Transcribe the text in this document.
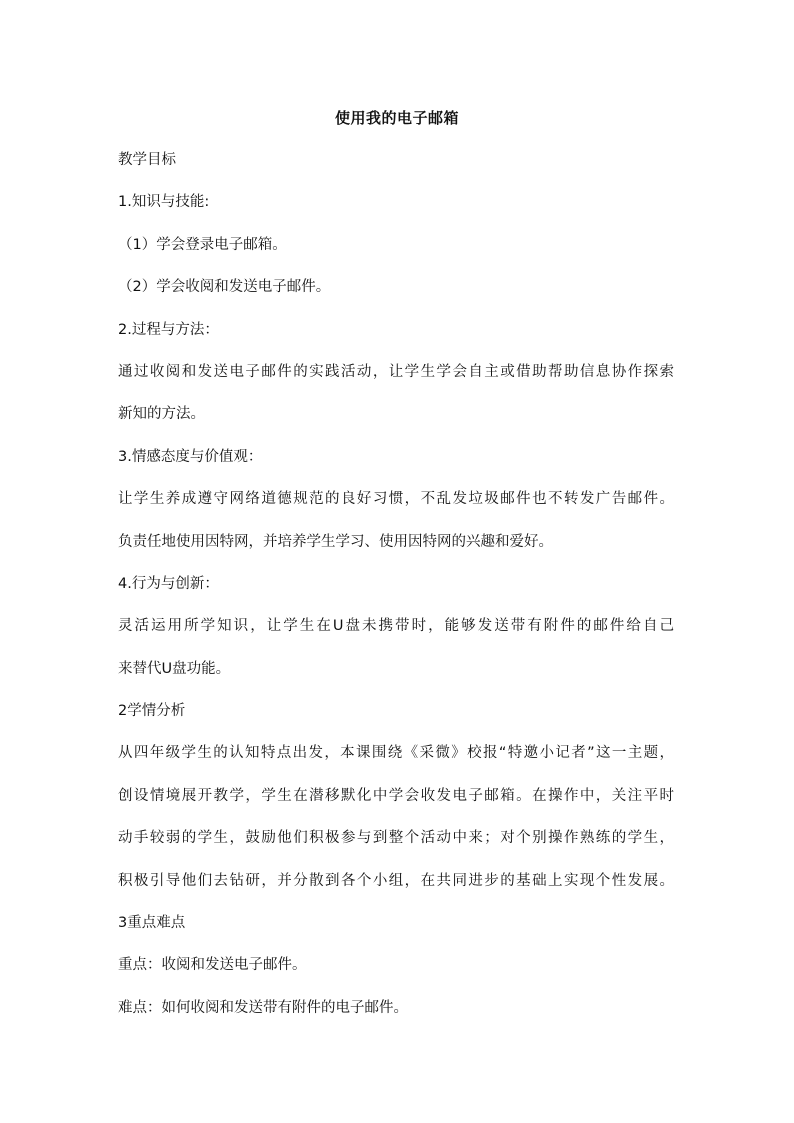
使用我的电子邮箱
教学目标
1.知识与技能:
（1）学会登录电子邮箱。
（2）学会收阅和发送电子邮件。
2.过程与方法：
通过收阅和发送电子邮件的实践活动，让学生学会自主或借助帮助信息协作探索
新知的方法。
3.情感态度与价值观：
让学生养成遵守网络道德规范的良好习惯，不乱发垃圾邮件也不转发广告邮件。
负责任地使用因特网，并培养学生学习、使用因特网的兴趣和爱好。
4.行为与创新：
灵活运用所学知识，让学生在U盘未携带时，能够发送带有附件的邮件给自己
来替代U盘功能。
2学情分析
从四年级学生的认知特点出发，本课围绕《采微》校报“特邀小记者”这一主题，
创设情境展开教学，学生在潜移默化中学会收发电子邮箱。在操作中，关注平时
动手较弱的学生，鼓励他们积极参与到整个活动中来；对个别操作熟练的学生，
积极引导他们去钻研，并分散到各个小组，在共同进步的基础上实现个性发展。
3重点难点
重点：收阅和发送电子邮件。
难点：如何收阅和发送带有附件的电子邮件。
